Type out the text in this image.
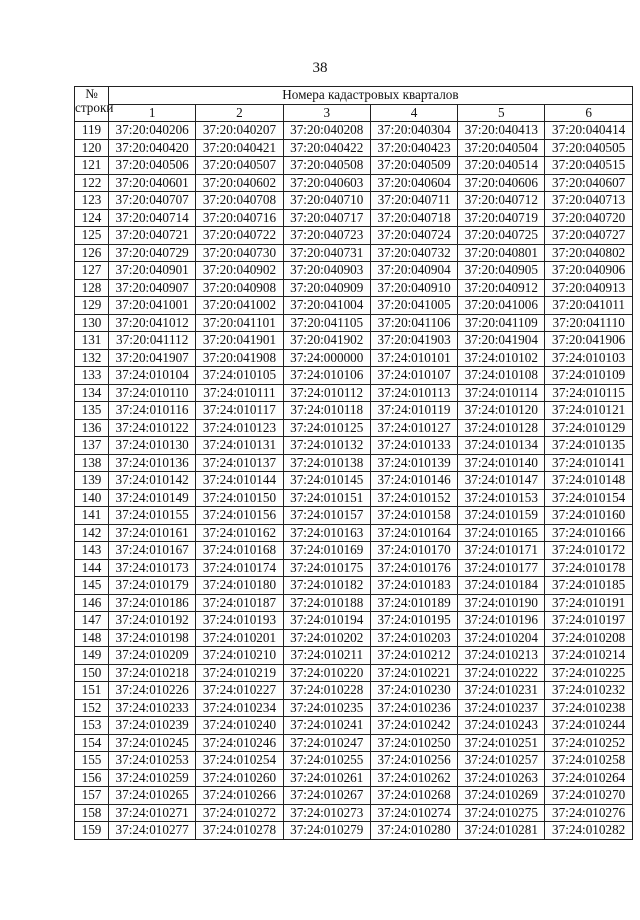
38
№
строки	Номера кадастровых кварталов					
	1	2	3	4	5	6
119	37:20:040206	37:20:040207	37:20:040208	37:20:040304	37:20:040413	37:20:040414
120	37:20:040420	37:20:040421	37:20:040422	37:20:040423	37:20:040504	37:20:040505
121	37:20:040506	37:20:040507	37:20:040508	37:20:040509	37:20:040514	37:20:040515
122	37:20:040601	37:20:040602	37:20:040603	37:20:040604	37:20:040606	37:20:040607
123	37:20:040707	37:20:040708	37:20:040710	37:20:040711	37:20:040712	37:20:040713
124	37:20:040714	37:20:040716	37:20:040717	37:20:040718	37:20:040719	37:20:040720
125	37:20:040721	37:20:040722	37:20:040723	37:20:040724	37:20:040725	37:20:040727
126	37:20:040729	37:20:040730	37:20:040731	37:20:040732	37:20:040801	37:20:040802
127	37:20:040901	37:20:040902	37:20:040903	37:20:040904	37:20:040905	37:20:040906
128	37:20:040907	37:20:040908	37:20:040909	37:20:040910	37:20:040912	37:20:040913
129	37:20:041001	37:20:041002	37:20:041004	37:20:041005	37:20:041006	37:20:041011
130	37:20:041012	37:20:041101	37:20:041105	37:20:041106	37:20:041109	37:20:041110
131	37:20:041112	37:20:041901	37:20:041902	37:20:041903	37:20:041904	37:20:041906
132	37:20:041907	37:20:041908	37:24:000000	37:24:010101	37:24:010102	37:24:010103
133	37:24:010104	37:24:010105	37:24:010106	37:24:010107	37:24:010108	37:24:010109
134	37:24:010110	37:24:010111	37:24:010112	37:24:010113	37:24:010114	37:24:010115
135	37:24:010116	37:24:010117	37:24:010118	37:24:010119	37:24:010120	37:24:010121
136	37:24:010122	37:24:010123	37:24:010125	37:24:010127	37:24:010128	37:24:010129
137	37:24:010130	37:24:010131	37:24:010132	37:24:010133	37:24:010134	37:24:010135
138	37:24:010136	37:24:010137	37:24:010138	37:24:010139	37:24:010140	37:24:010141
139	37:24:010142	37:24:010144	37:24:010145	37:24:010146	37:24:010147	37:24:010148
140	37:24:010149	37:24:010150	37:24:010151	37:24:010152	37:24:010153	37:24:010154
141	37:24:010155	37:24:010156	37:24:010157	37:24:010158	37:24:010159	37:24:010160
142	37:24:010161	37:24:010162	37:24:010163	37:24:010164	37:24:010165	37:24:010166
143	37:24:010167	37:24:010168	37:24:010169	37:24:010170	37:24:010171	37:24:010172
144	37:24:010173	37:24:010174	37:24:010175	37:24:010176	37:24:010177	37:24:010178
145	37:24:010179	37:24:010180	37:24:010182	37:24:010183	37:24:010184	37:24:010185
146	37:24:010186	37:24:010187	37:24:010188	37:24:010189	37:24:010190	37:24:010191
147	37:24:010192	37:24:010193	37:24:010194	37:24:010195	37:24:010196	37:24:010197
148	37:24:010198	37:24:010201	37:24:010202	37:24:010203	37:24:010204	37:24:010208
149	37:24:010209	37:24:010210	37:24:010211	37:24:010212	37:24:010213	37:24:010214
150	37:24:010218	37:24:010219	37:24:010220	37:24:010221	37:24:010222	37:24:010225
151	37:24:010226	37:24:010227	37:24:010228	37:24:010230	37:24:010231	37:24:010232
152	37:24:010233	37:24:010234	37:24:010235	37:24:010236	37:24:010237	37:24:010238
153	37:24:010239	37:24:010240	37:24:010241	37:24:010242	37:24:010243	37:24:010244
154	37:24:010245	37:24:010246	37:24:010247	37:24:010250	37:24:010251	37:24:010252
155	37:24:010253	37:24:010254	37:24:010255	37:24:010256	37:24:010257	37:24:010258
156	37:24:010259	37:24:010260	37:24:010261	37:24:010262	37:24:010263	37:24:010264
157	37:24:010265	37:24:010266	37:24:010267	37:24:010268	37:24:010269	37:24:010270
158	37:24:010271	37:24:010272	37:24:010273	37:24:010274	37:24:010275	37:24:010276
159	37:24:010277	37:24:010278	37:24:010279	37:24:010280	37:24:010281	37:24:010282
